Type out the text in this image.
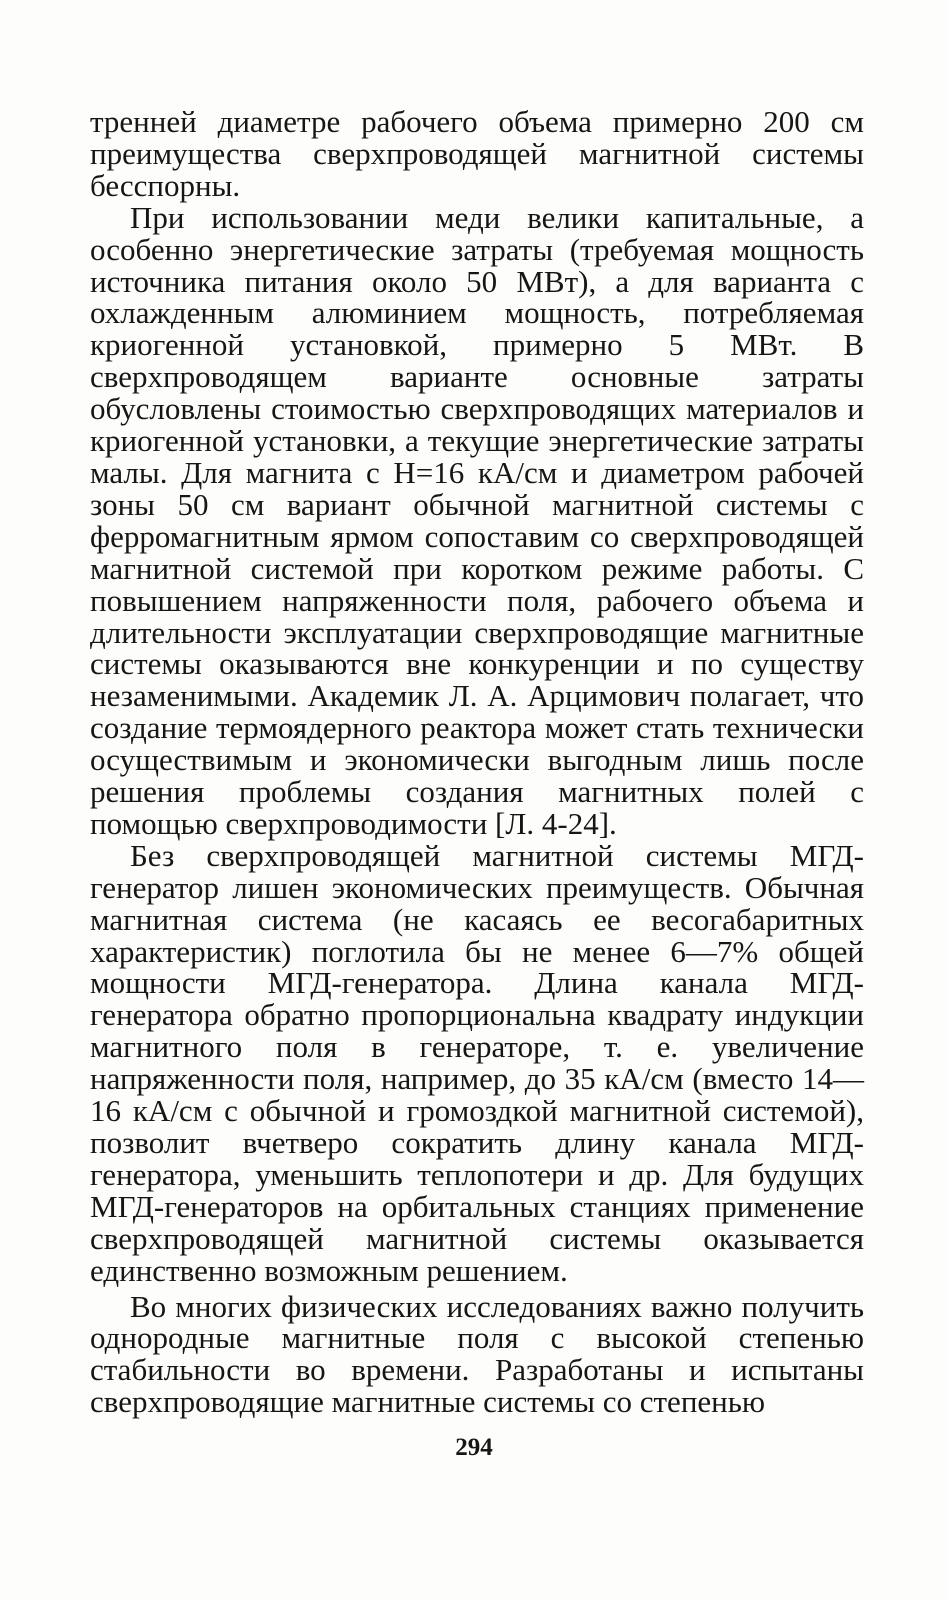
тренней диаметре рабочего объема примерно 200 см преимущества сверхпроводящей магнитной системы бесспорны.

При использовании меди велики капитальные, а особенно энергетические затраты (требуемая мощность источника питания около 50 МВт), а для варианта с охлажденным алюминием мощность, потребляемая криогенной установкой, примерно 5 МВт. В сверхпроводящем варианте основные затраты обусловлены стоимостью сверхпроводящих материалов и криогенной установки, а текущие энергетические затраты малы. Для магнита с H=16 кА/см и диаметром рабочей зоны 50 см вариант обычной магнитной системы с ферромагнитным ярмом сопоставим со сверхпроводящей магнитной системой при коротком режиме работы. С повышением напряженности поля, рабочего объема и длительности эксплуатации сверхпроводящие магнитные системы оказываются вне конкуренции и по существу незаменимыми. Академик Л. А. Арцимович полагает, что создание термоядерного реактора может стать технически осуществимым и экономически выгодным лишь после решения проблемы создания магнитных полей с помощью сверхпроводимости [Л. 4-24].

Без сверхпроводящей магнитной системы МГД-генератор лишен экономических преимуществ. Обычная магнитная система (не касаясь ее весогабаритных характеристик) поглотила бы не менее 6—7% общей мощности МГД-генератора. Длина канала МГД-генератора обратно пропорциональна квадрату индукции магнитного поля в генераторе, т. е. увеличение напряженности поля, например, до 35 кА/см (вместо 14—16 кА/см с обычной и громоздкой магнитной системой), позволит вчетверо сократить длину канала МГД-генератора, уменьшить теплопотери и др. Для будущих МГД-генераторов на орбитальных станциях применение сверхпроводящей магнитной системы оказывается единственно возможным решением.

Во многих физических исследованиях важно получить однородные магнитные поля с высокой степенью стабильности во времени. Разработаны и испытаны сверхпроводящие магнитные системы со степенью

294
